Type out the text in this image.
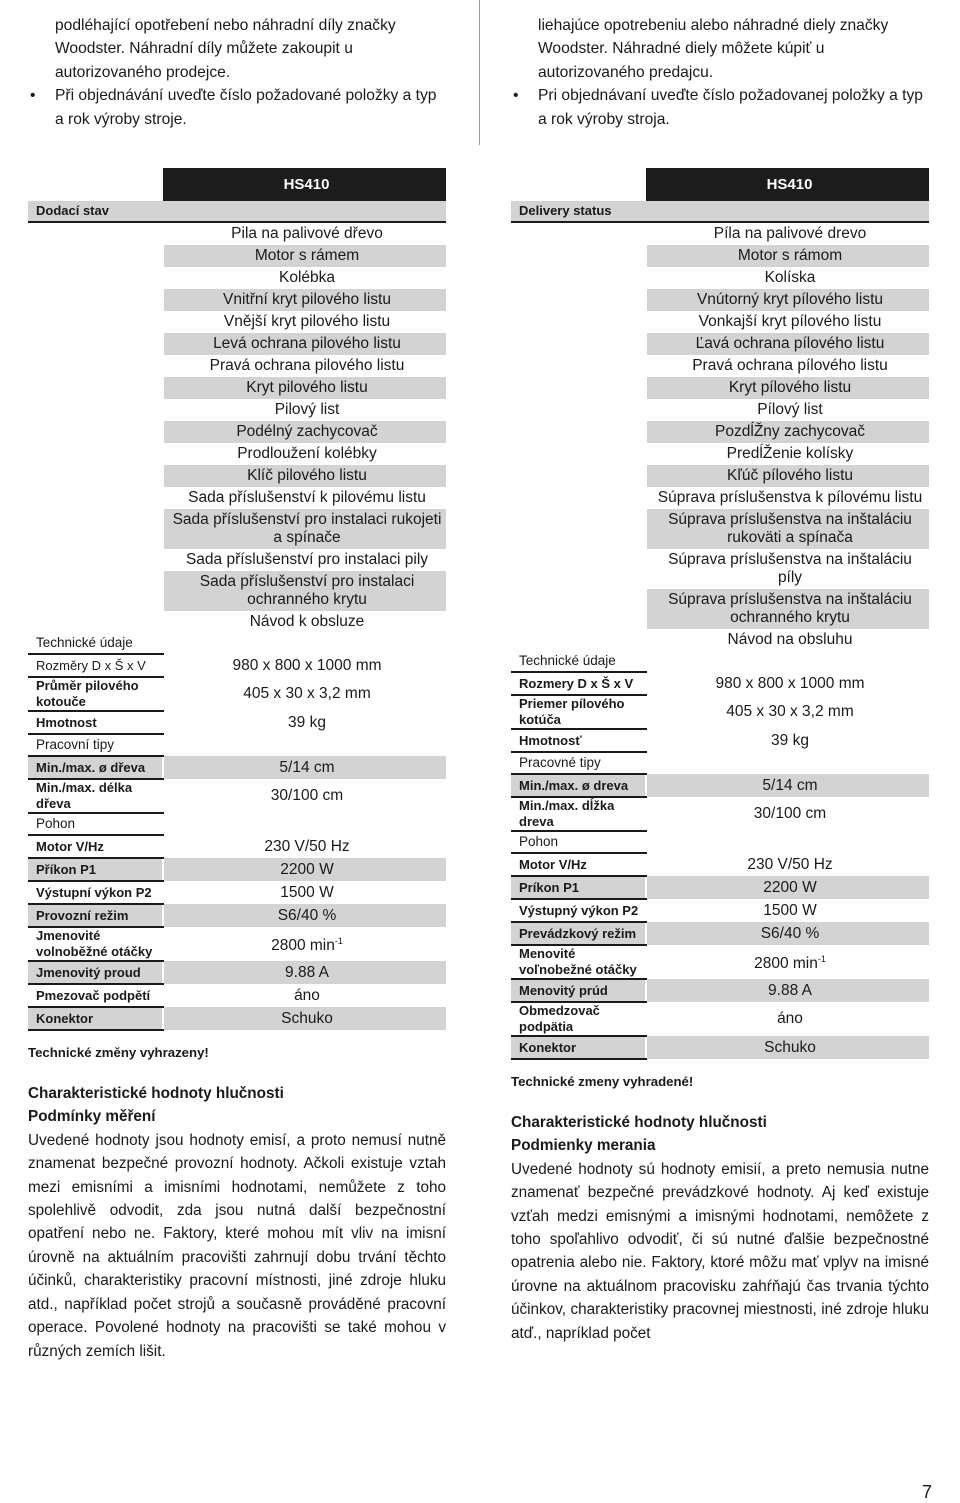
podléhající opotřebení nebo náhradní díly značky Woodster. Náhradní díly můžete zakoupit u autorizovaného prodejce.
• Při objednávání uveďte číslo požadované položky a typ a rok výroby stroje.
	HS410
Dodací stav	
	Pila na palivové dřevo
	Motor s rámem
	Kolébka
	Vnitřní kryt pilového listu
	Vnější kryt pilového listu
	Levá ochrana pilového listu
	Pravá ochrana pilového listu
	Kryt pilového listu
	Pilový list
	Podélný zachycovač
	Prodloužení kolébky
	Klíč pilového listu
	Sada příslušenství k pilovému listu
	Sada příslušenství pro instalaci rukojeti a spínače
	Sada příslušenství pro instalaci pily
	Sada příslušenství pro instalaci ochranného krytu
	Návod k obsluze
Technické údaje	
Rozměry D x Š x V	980 x 800 x 1000 mm
Průměr pilového kotouče	405 x 30 x 3,2 mm
Hmotnost	39 kg
Pracovní tipy	
Min./max. ø dřeva	5/14 cm
Min./max. délka dřeva	30/100 cm
Pohon	
Motor V/Hz	230 V/50 Hz
Příkon P1	2200 W
Výstupní výkon P2	1500 W
Provozní režim	S6/40 %
Jmenovité volnoběžné otáčky	2800 $\min^{-1}$
Jmenovitý proud	9.88 A
Pmezovač podpětí	áno
Konektor	Schuko
Technické změny vyhrazeny!
Charakteristické hodnoty hlučnosti
Podmínky měření
Uvedené hodnoty jsou hodnoty emisí, a proto nemusí nutně znamenat bezpečné provozní hodnoty. Ačkoli existuje vztah mezi emisními a imisními hodnotami, nemůžete z toho spolehlivě odvodit, zda jsou nutná další bezpečnostní opatření nebo ne. Faktory, které mohou mít vliv na imisní úrovně na aktuálním pracovišti zahrnují dobu trvání těchto účinků, charakteristiky pracovní místnosti, jiné zdroje hluku atd., například počet strojů a současně prováděné pracovní operace. Povolené hodnoty na pracovišti se také mohou v různých zemích lišit.
liehajúce opotrebeniu alebo náhradné diely značky Woodster. Náhradné diely môžete kúpiť u autorizovaného predajcu.
• Pri objednávaní uveďte číslo požadovanej položky a typ a rok výroby stroja.
	HS410
Delivery status	
	Píla na palivové drevo
	Motor s rámom
	Kolíska
	Vnútorný kryt pílového listu
	Vonkajší kryt pílového listu
	Ľavá ochrana pílového listu
	Pravá ochrana pílového listu
	Kryt pílového listu
	Pílový list
	PozdĺŽny zachycovač
	PredĺŽenie kolísky
	Kľúč pílového listu
	Súprava príslušenstva k pílovému listu
	Súprava príslušenstva na inštaláciu rukoväti a spínača
	Súprava príslušenstva na inštaláciu píly
	Súprava príslušenstva na inštaláciu ochranného krytu
	Návod na obsluhu
Technické údaje	
Rozmery D x Š x V	980 x 800 x 1000 mm
Priemer pílového kotúča	405 x 30 x 3,2 mm
Hmotnosť	39 kg
Pracovné tipy	
Min./max. ø dreva	5/14 cm
Min./max. dĺžka dreva	30/100 cm
Pohon	
Motor V/Hz	230 V/50 Hz
Príkon P1	2200 W
Výstupný výkon P2	1500 W
Prevádzkový režim	S6/40 %
Menovité voľnobežné otáčky	2800 $\min^{-1}$
Menovitý prúd	9.88 A
Obmedzovač podpätia	áno
Konektor	Schuko
Technické zmeny vyhradené!
Charakteristické hodnoty hlučnosti
Podmienky merania
Uvedené hodnoty sú hodnoty emisií, a preto nemusia nutne znamenať bezpečné prevádzkové hodnoty. Aj keď existuje vzťah medzi emisnými a imisnými hodnotami, nemôžete z toho spoľahlivo odvodiť, či sú nutné ďalšie bezpečnostné opatrenia alebo nie. Faktory, ktoré môžu mať vplyv na imisné úrovne na aktuálnom pracovisku zahŕňajú čas trvania týchto účinkov, charakteristiky pracovnej miestnosti, iné zdroje hluku atď., napríklad počet
7
